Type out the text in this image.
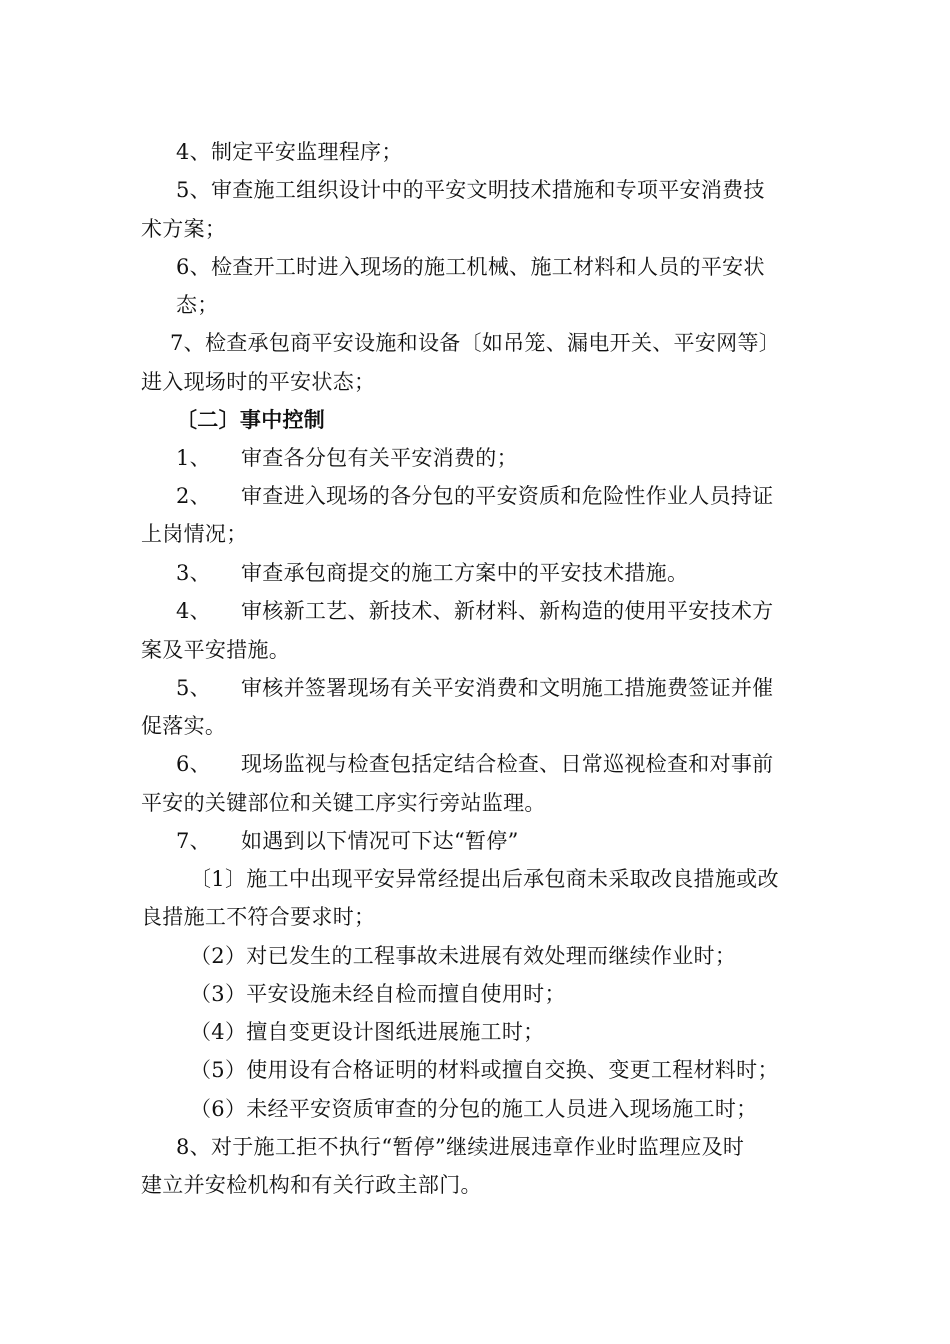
4、制定平安监理程序；
5、审查施工组织设计中的平安文明技术措施和专项平安消费技
术方案；
6、检查开工时进入现场的施工机械、施工材料和人员的平安状
态；
7、检查承包商平安设施和设备〔如吊笼、漏电开关、平安网等〕
进入现场时的平安状态；
〔二〕事中控制
1、 审查各分包有关平安消费的；
2、 审查进入现场的各分包的平安资质和危险性作业人员持证
上岗情况；
3、 审查承包商提交的施工方案中的平安技术措施。
4、 审核新工艺、新技术、新材料、新构造的使用平安技术方
案及平安措施。
5、 审核并签署现场有关平安消费和文明施工措施费签证并催
促落实。
6、 现场监视与检查包括定结合检查、日常巡视检查和对事前
平安的关键部位和关键工序实行旁站监理。
7、 如遇到以下情况可下达“暂停”
〔1〕施工中出现平安异常经提出后承包商未采取改良措施或改
良措施工不符合要求时；
（2）对已发生的工程事故未进展有效处理而继续作业时；
（3）平安设施未经自检而擅自使用时；
（4）擅自变更设计图纸进展施工时；
（5）使用设有合格证明的材料或擅自交换、变更工程材料时；
（6）未经平安资质审查的分包的施工人员进入现场施工时；
8、对于施工拒不执行“暂停”继续进展违章作业时监理应及时
建立并安检机构和有关行政主部门。
